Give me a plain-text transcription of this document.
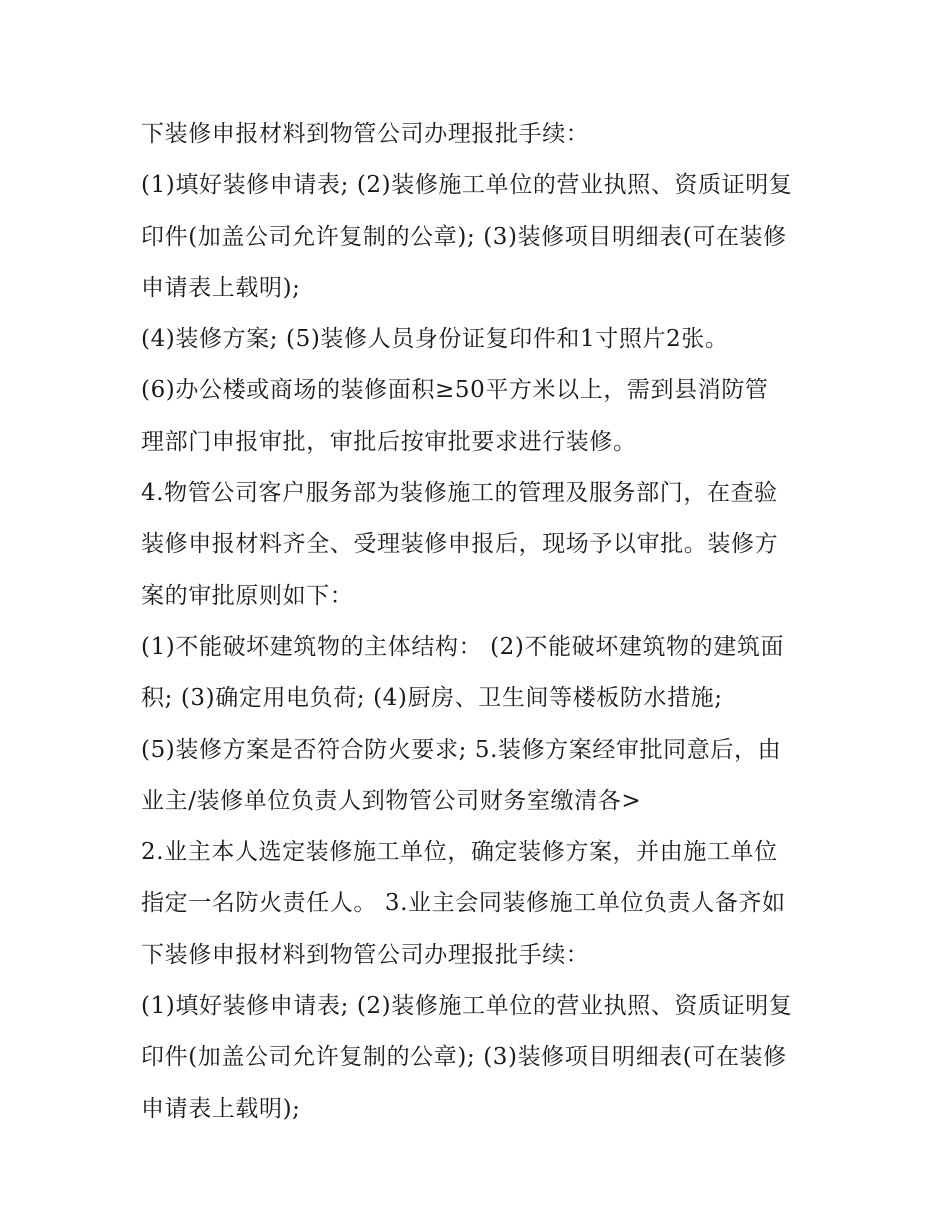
下装修申报材料到物管公司办理报批手续：
(1)填好装修申请表; (2)装修施工单位的营业执照、资质证明复
印件(加盖公司允许复制的公章); (3)装修项目明细表(可在装修
申请表上载明);
(4)装修方案; (5)装修人员身份证复印件和1寸照片2张。
(6)办公楼或商场的装修面积≥50平方米以上，需到县消防管
理部门申报审批，审批后按审批要求进行装修。
4.物管公司客户服务部为装修施工的管理及服务部门，在查验
装修申报材料齐全、受理装修申报后，现场予以审批。装修方
案的审批原则如下：
(1)不能破坏建筑物的主体结构： (2)不能破坏建筑物的建筑面
积; (3)确定用电负荷; (4)厨房、卫生间等楼板防水措施;
(5)装修方案是否符合防火要求; 5.装修方案经审批同意后，由
业主/装修单位负责人到物管公司财务室缴清各>
2.业主本人选定装修施工单位，确定装修方案，并由施工单位
指定一名防火责任人。 3.业主会同装修施工单位负责人备齐如
下装修申报材料到物管公司办理报批手续：
(1)填好装修申请表; (2)装修施工单位的营业执照、资质证明复
印件(加盖公司允许复制的公章); (3)装修项目明细表(可在装修
申请表上载明);
